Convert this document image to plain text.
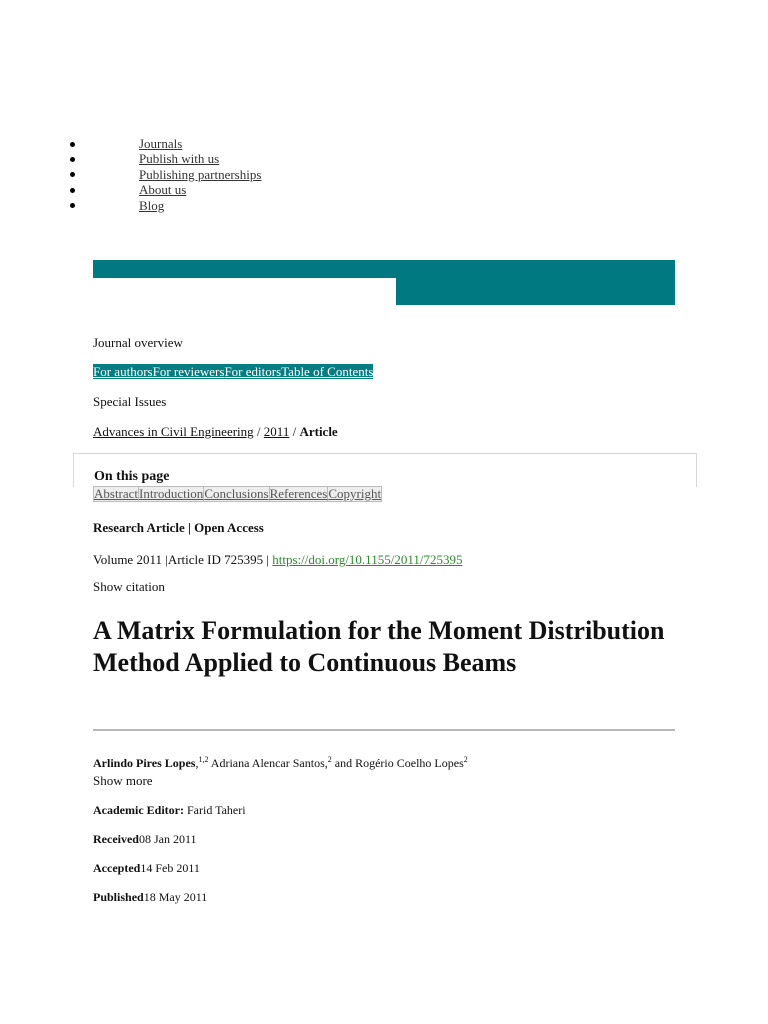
Journals
Publish with us
Publishing partnerships
About us
Blog
Journal overview
For authorsFor reviewersFor editorsTable of Contents
Special Issues
Advances in Civil Engineering / 2011 / Article
On this page
AbstractIntroductionConclusionsReferencesCopyright
Research Article | Open Access
Volume 2011 |Article ID 725395 | https://doi.org/10.1155/2011/725395
Show citation
A Matrix Formulation for the Moment Distribution Method Applied to Continuous Beams
Arlindo Pires Lopes,$^{1,2}$ Adriana Alencar Santos,$^2$ and Rogério Coelho Lopes$^2$
Show more
Academic Editor: Farid Taheri
Received08 Jan 2011
Accepted14 Feb 2011
Published18 May 2011
